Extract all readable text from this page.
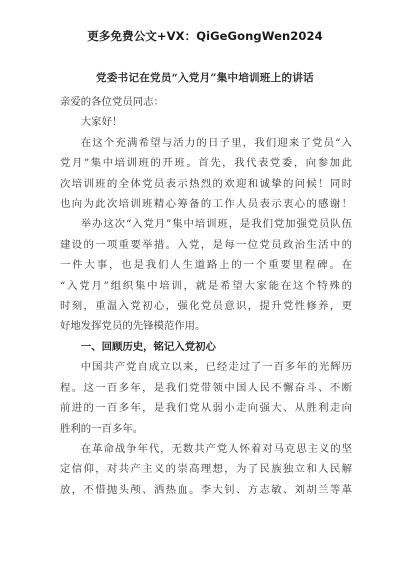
更多免费公文+VX：QiGeGongWen2024
党委书记在党员“入党月”集中培训班上的讲话

亲爱的各位党员同志：

大家好！

在这个充满希望与活力的日子里，我们迎来了党员“入
党月”集中培训班的开班。首先，我代表党委，向参加此
次培训班的全体党员表示热烈的欢迎和诚挚的问候！同时
也向为此次培训班精心筹备的工作人员表示衷心的感谢！
举办这次“入党月”集中培训班，是我们党加强党员队伍
建设的一项重要举措。入党，是每一位党员政治生活中的
一件大事，也是我们人生道路上的一个重要里程碑。在
“入党月”组织集中培训，就是希望大家能在这个特殊的
时刻，重温入党初心，强化党员意识，提升党性修养，更
好地发挥党员的先锋模范作用。

一、回顾历史，铭记入党初心

中国共产党自成立以来，已经走过了一百多年的光辉历
程。这一百多年，是我们党带领中国人民不懈奋斗、不断
前进的一百多年，是我们党从弱小走向强大、从胜利走向
胜利的一百多年。
在革命战争年代，无数共产党人怀着对马克思主义的坚
定信仰，对共产主义的崇高理想，为了民族独立和人民解
放，不惜抛头颅、洒热血。李大钊、方志敏、刘胡兰等革
